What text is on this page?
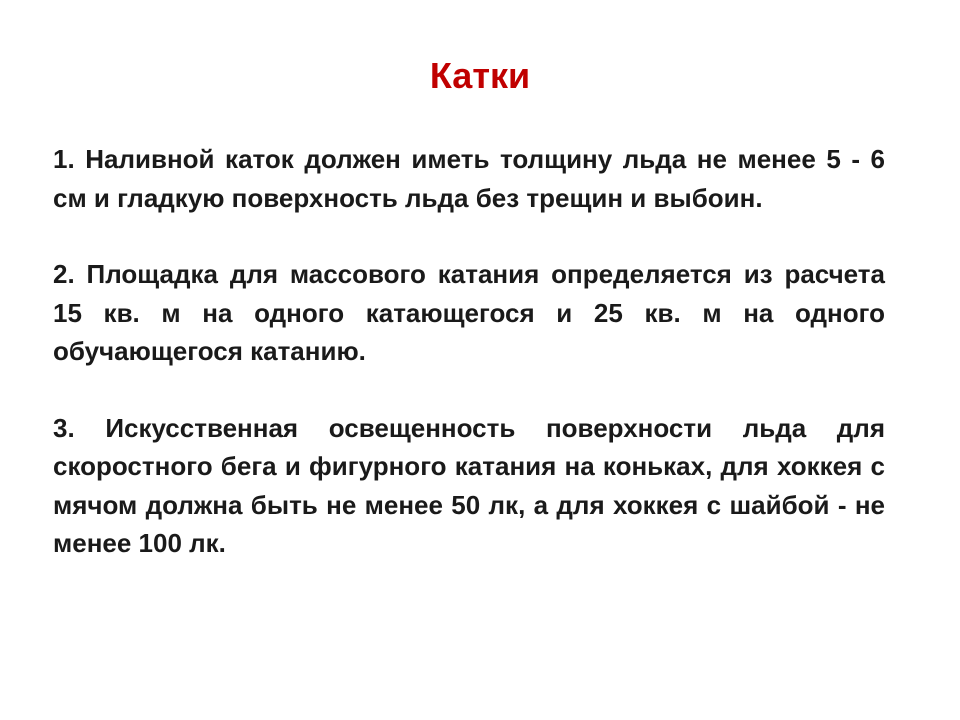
Катки

1. Наливной каток должен иметь толщину льда не менее 5 - 6 см и гладкую поверхность льда без трещин и выбоин.

2. Площадка для массового катания определяется из расчета 15 кв. м на одного катающегося и 25 кв. м на одного обучающегося катанию.

3. Искусственная освещенность поверхности льда для скоростного бега и фигурного катания на коньках, для хоккея с мячом должна быть не менее 50 лк, а для хоккея с шайбой - не менее 100 лк.
